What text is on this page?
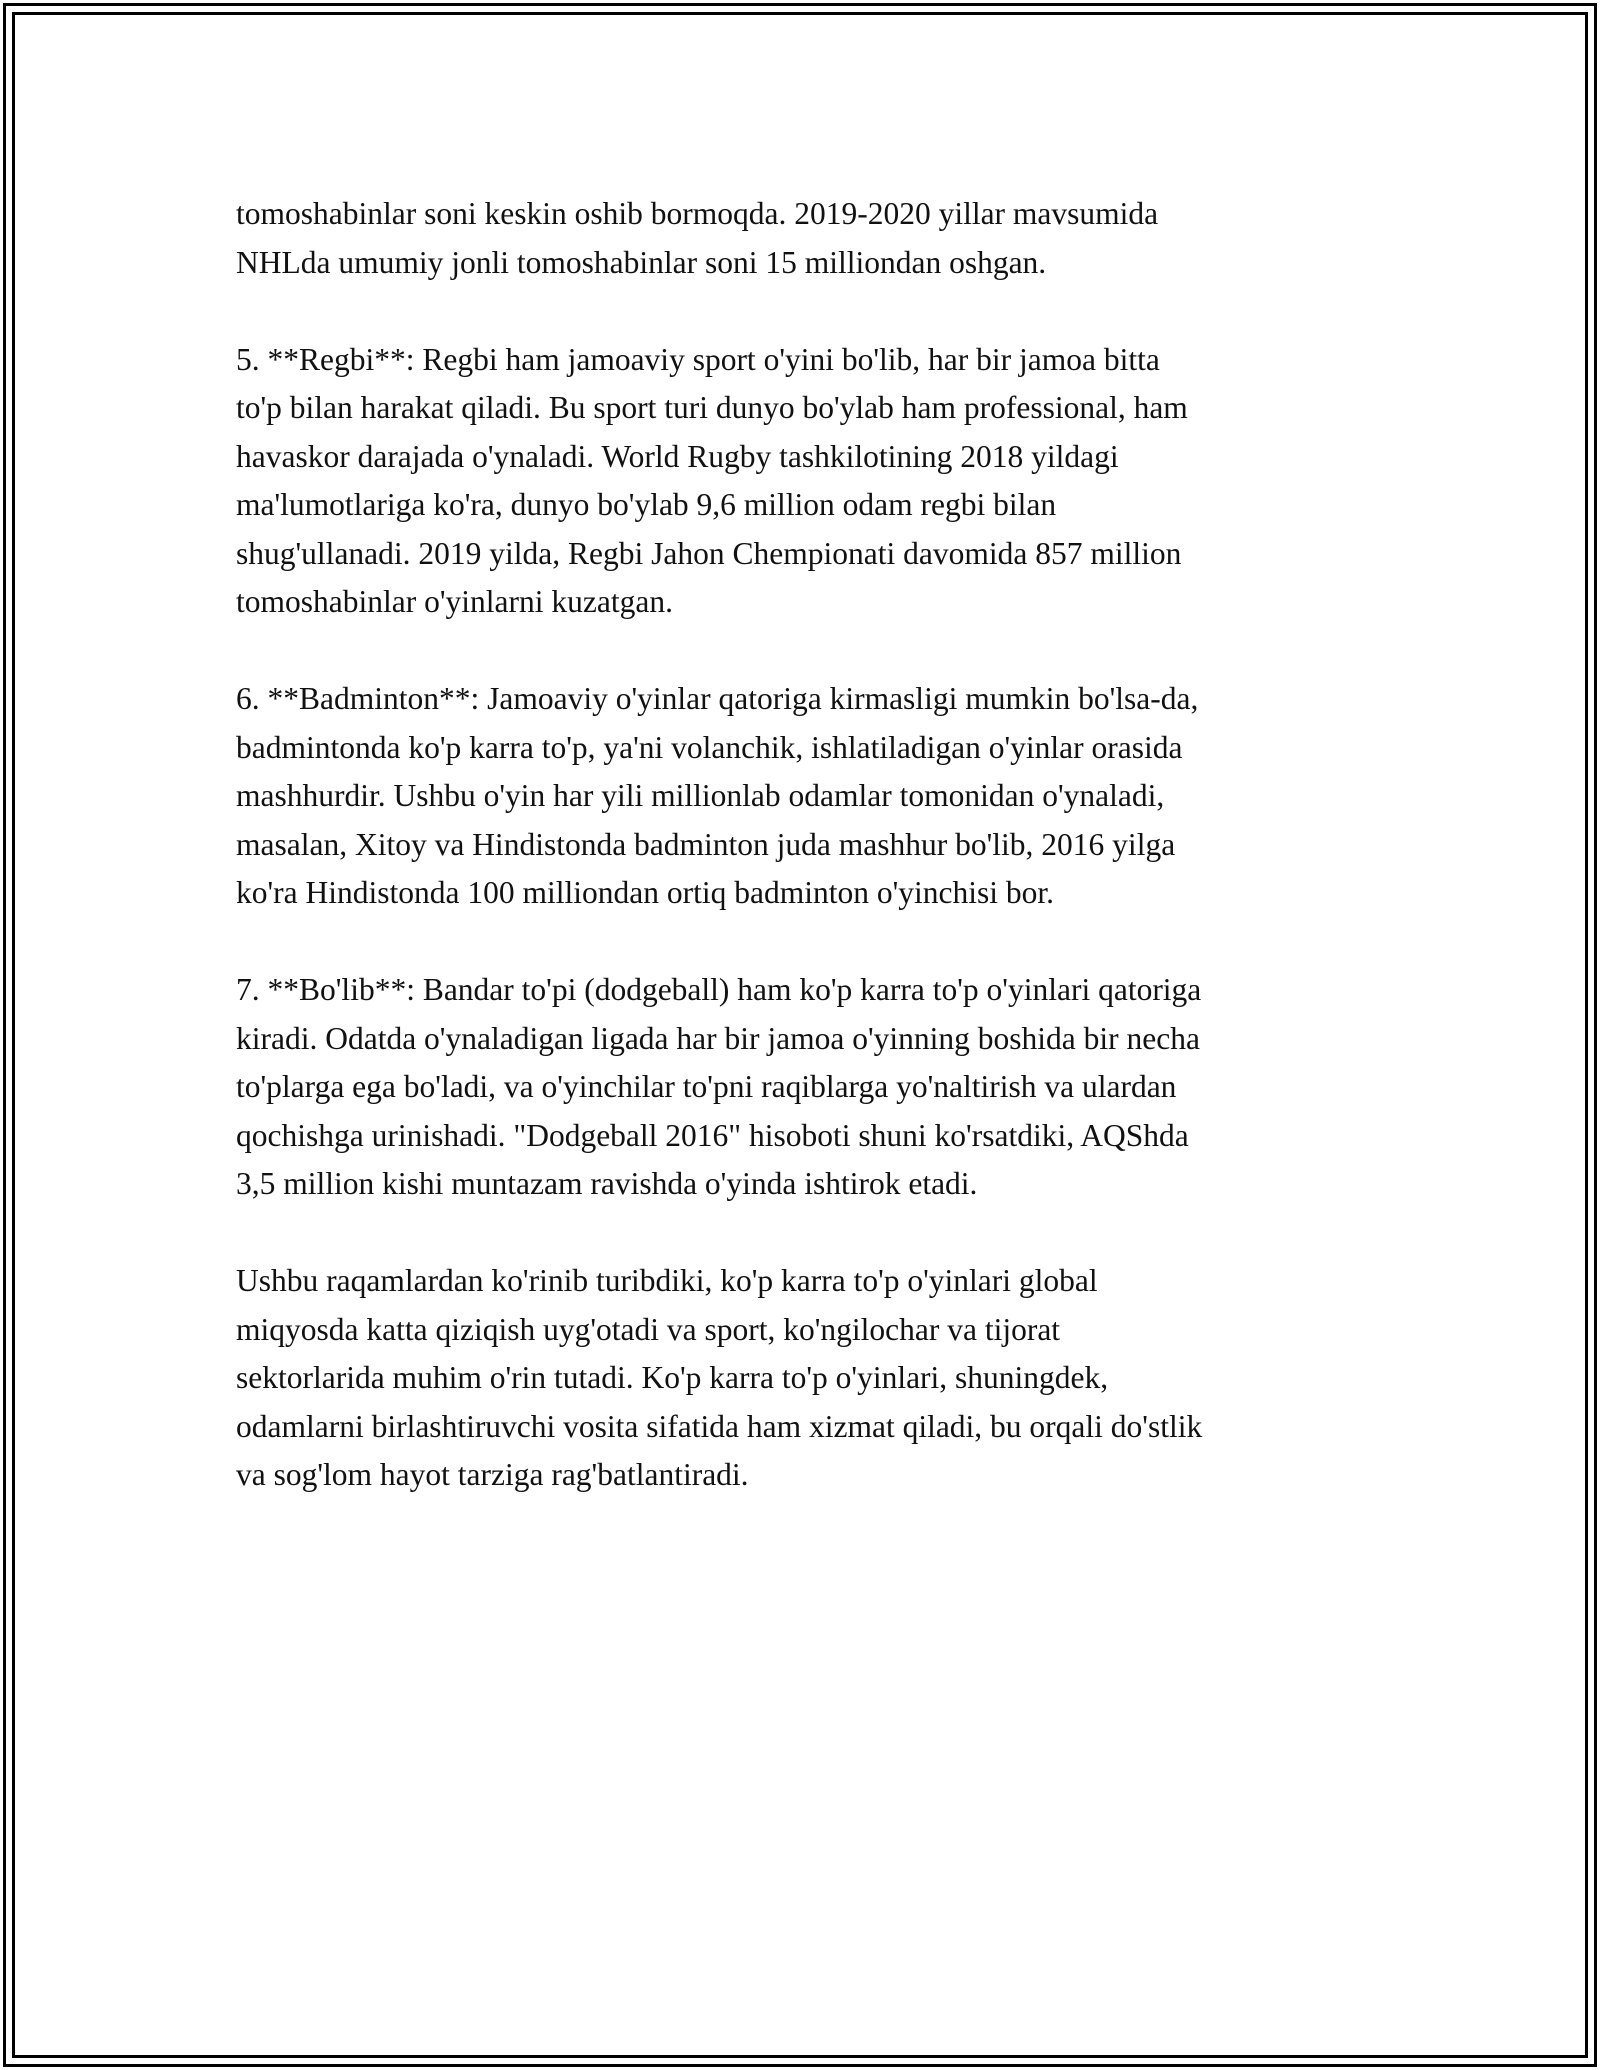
tomoshabinlar soni keskin oshib bormoqda. 2019-2020 yillar mavsumida
NHLda umumiy jonli tomoshabinlar soni 15 milliondan oshgan.

5. **Regbi**: Regbi ham jamoaviy sport o'yini bo'lib, har bir jamoa bitta
to'p bilan harakat qiladi. Bu sport turi dunyo bo'ylab ham professional, ham
havaskor darajada o'ynaladi. World Rugby tashkilotining 2018 yildagi
ma'lumotlariga ko'ra, dunyo bo'ylab 9,6 million odam regbi bilan
shug'ullanadi. 2019 yilda, Regbi Jahon Chempionati davomida 857 million
tomoshabinlar o'yinlarni kuzatgan.

6. **Badminton**: Jamoaviy o'yinlar qatoriga kirmasligi mumkin bo'lsa-da,
badmintonda ko'p karra to'p, ya'ni volanchik, ishlatiladigan o'yinlar orasida
mashhurdir. Ushbu o'yin har yili millionlab odamlar tomonidan o'ynaladi,
masalan, Xitoy va Hindistonda badminton juda mashhur bo'lib, 2016 yilga
ko'ra Hindistonda 100 milliondan ortiq badminton o'yinchisi bor.

7. **Bo'lib**: Bandar to'pi (dodgeball) ham ko'p karra to'p o'yinlari qatoriga
kiradi. Odatda o'ynaladigan ligada har bir jamoa o'yinning boshida bir necha
to'plarga ega bo'ladi, va o'yinchilar to'pni raqiblarga yo'naltirish va ulardan
qochishga urinishadi. "Dodgeball 2016" hisoboti shuni ko'rsatdiki, AQShda
3,5 million kishi muntazam ravishda o'yinda ishtirok etadi.

Ushbu raqamlardan ko'rinib turibdiki, ko'p karra to'p o'yinlari global
miqyosda katta qiziqish uyg'otadi va sport, ko'ngilochar va tijorat
sektorlarida muhim o'rin tutadi. Ko'p karra to'p o'yinlari, shuningdek,
odamlarni birlashtiruvchi vosita sifatida ham xizmat qiladi, bu orqali do'stlik
va sog'lom hayot tarziga rag'batlantiradi.
